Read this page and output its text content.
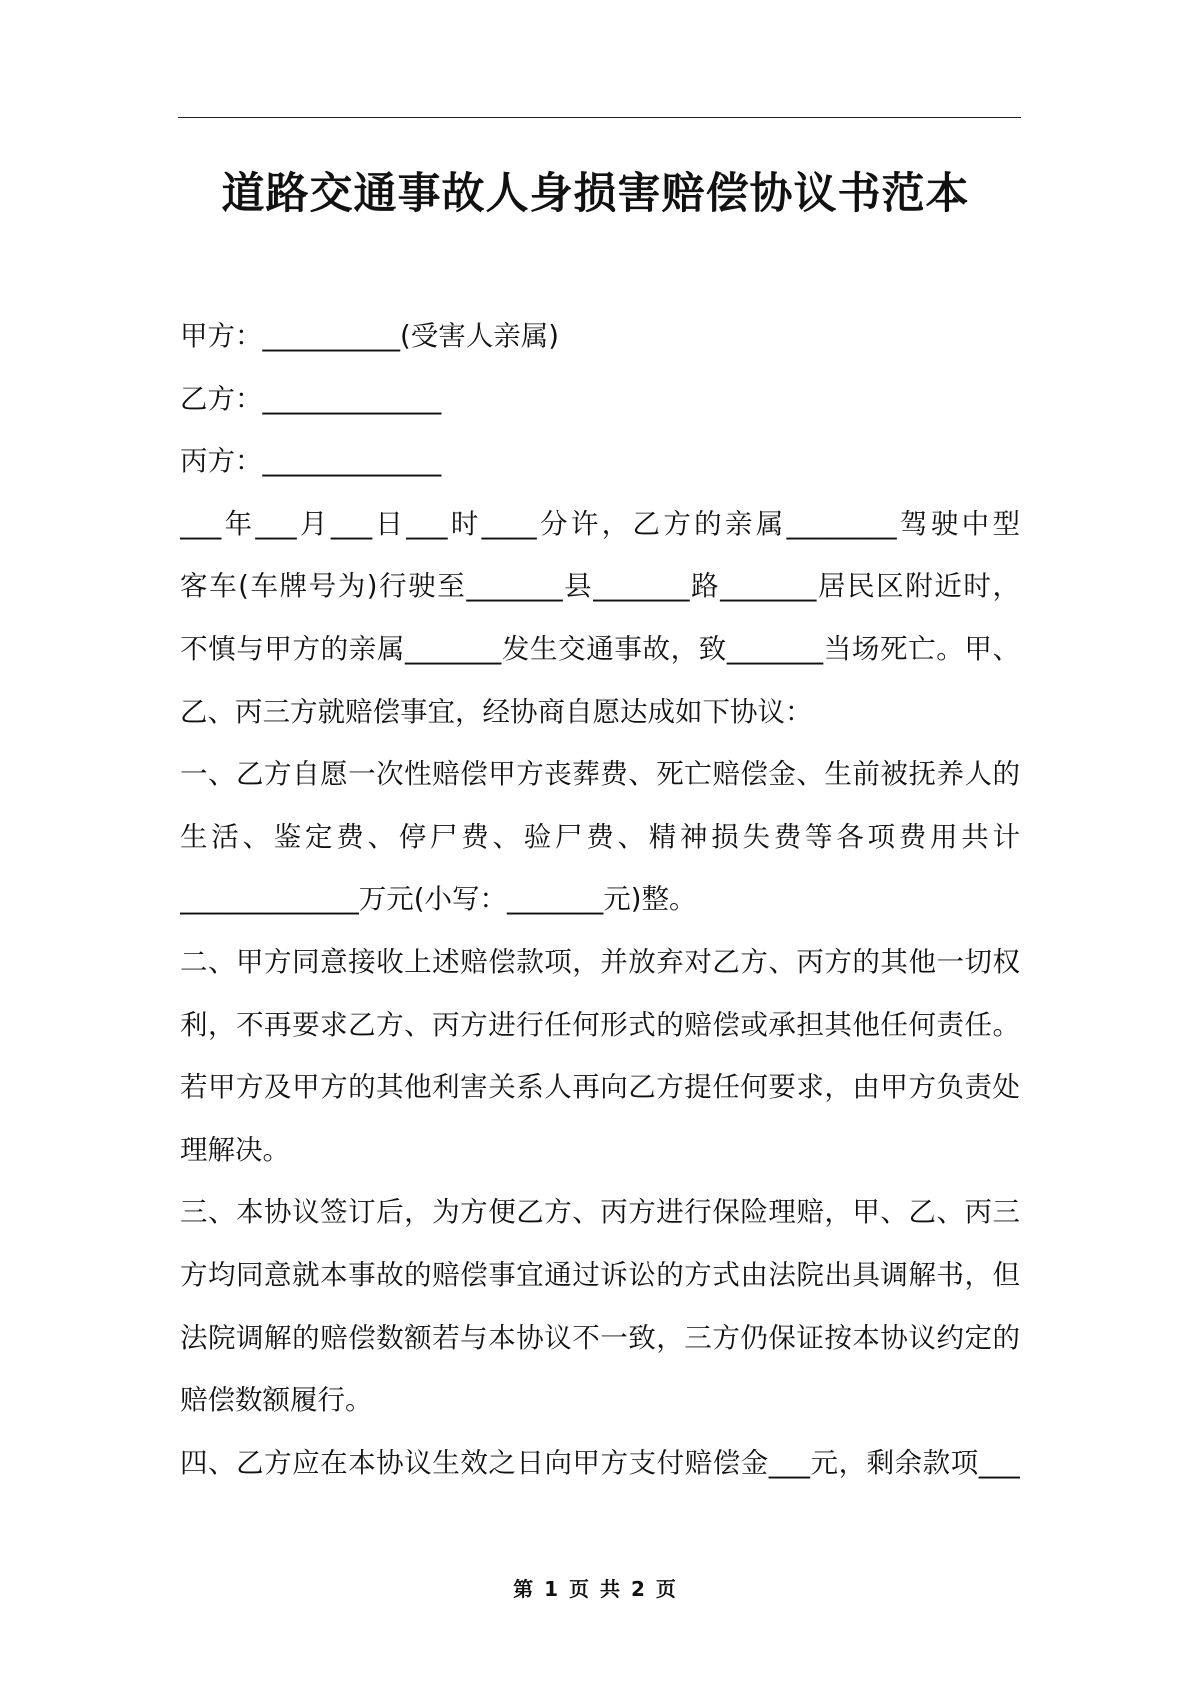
道路交通事故人身损害赔偿协议书范本
甲方：__________(受害人亲属)
乙方：_____________
丙方：_____________
___年___月___日___时____分许，乙方的亲属________驾驶中型
客车(车牌号为)行驶至_______县_______路_______居民区附近时，
不慎与甲方的亲属_______发生交通事故，致_______当场死亡。甲、
乙、丙三方就赔偿事宜，经协商自愿达成如下协议：
一、乙方自愿一次性赔偿甲方丧葬费、死亡赔偿金、生前被抚养人的
生活、鉴定费、停尸费、验尸费、精神损失费等各项费用共计
_____________万元(小写：_______元)整。
二、甲方同意接收上述赔偿款项，并放弃对乙方、丙方的其他一切权
利，不再要求乙方、丙方进行任何形式的赔偿或承担其他任何责任。
若甲方及甲方的其他利害关系人再向乙方提任何要求，由甲方负责处
理解决。
三、本协议签订后，为方便乙方、丙方进行保险理赔，甲、乙、丙三
方均同意就本事故的赔偿事宜通过诉讼的方式由法院出具调解书，但
法院调解的赔偿数额若与本协议不一致，三方仍保证按本协议约定的
赔偿数额履行。
四、乙方应在本协议生效之日向甲方支付赔偿金___元，剩余款项___
第 1 页 共 2 页
